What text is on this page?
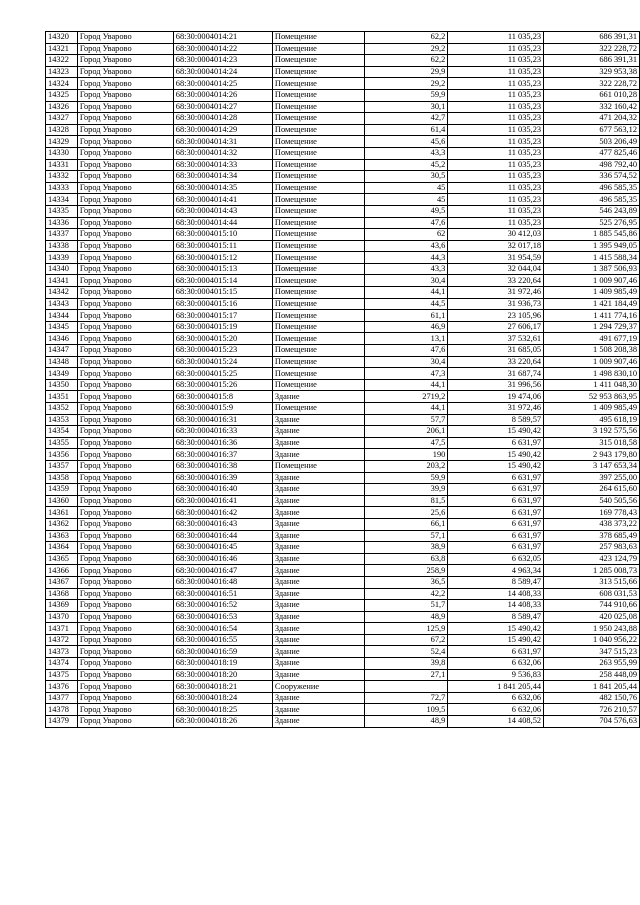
14320	Город Уварово	68:30:0004014:21	Помещение	62,2	11 035,23	686 391,31
14321	Город Уварово	68:30:0004014:22	Помещение	29,2	11 035,23	322 228,72
14322	Город Уварово	68:30:0004014:23	Помещение	62,2	11 035,23	686 391,31
14323	Город Уварово	68:30:0004014:24	Помещение	29,9	11 035,23	329 953,38
14324	Город Уварово	68:30:0004014:25	Помещение	29,2	11 035,23	322 228,72
14325	Город Уварово	68:30:0004014:26	Помещение	59,9	11 035,23	661 010,28
14326	Город Уварово	68:30:0004014:27	Помещение	30,1	11 035,23	332 160,42
14327	Город Уварово	68:30:0004014:28	Помещение	42,7	11 035,23	471 204,32
14328	Город Уварово	68:30:0004014:29	Помещение	61,4	11 035,23	677 563,12
14329	Город Уварово	68:30:0004014:31	Помещение	45,6	11 035,23	503 206,49
14330	Город Уварово	68:30:0004014:32	Помещение	43,3	11 035,23	477 825,46
14331	Город Уварово	68:30:0004014:33	Помещение	45,2	11 035,23	498 792,40
14332	Город Уварово	68:30:0004014:34	Помещение	30,5	11 035,23	336 574,52
14333	Город Уварово	68:30:0004014:35	Помещение	45	11 035,23	496 585,35
14334	Город Уварово	68:30:0004014:41	Помещение	45	11 035,23	496 585,35
14335	Город Уварово	68:30:0004014:43	Помещение	49,5	11 035,23	546 243,89
14336	Город Уварово	68:30:0004014:44	Помещение	47,6	11 035,23	525 276,95
14337	Город Уварово	68:30:0004015:10	Помещение	62	30 412,03	1 885 545,86
14338	Город Уварово	68:30:0004015:11	Помещение	43,6	32 017,18	1 395 949,05
14339	Город Уварово	68:30:0004015:12	Помещение	44,3	31 954,59	1 415 588,34
14340	Город Уварово	68:30:0004015:13	Помещение	43,3	32 044,04	1 387 506,93
14341	Город Уварово	68:30:0004015:14	Помещение	30,4	33 220,64	1 009 907,46
14342	Город Уварово	68:30:0004015:15	Помещение	44,1	31 972,46	1 409 985,49
14343	Город Уварово	68:30:0004015:16	Помещение	44,5	31 936,73	1 421 184,49
14344	Город Уварово	68:30:0004015:17	Помещение	61,1	23 105,96	1 411 774,16
14345	Город Уварово	68:30:0004015:19	Помещение	46,9	27 606,17	1 294 729,37
14346	Город Уварово	68:30:0004015:20	Помещение	13,1	37 532,61	491 677,19
14347	Город Уварово	68:30:0004015:23	Помещение	47,6	31 685,05	1 508 208,38
14348	Город Уварово	68:30:0004015:24	Помещение	30,4	33 220,64	1 009 907,46
14349	Город Уварово	68:30:0004015:25	Помещение	47,3	31 687,74	1 498 830,10
14350	Город Уварово	68:30:0004015:26	Помещение	44,1	31 996,56	1 411 048,30
14351	Город Уварово	68:30:0004015:8	Здание	2719,2	19 474,06	52 953 863,95
14352	Город Уварово	68:30:0004015:9	Помещение	44,1	31 972,46	1 409 985,49
14353	Город Уварово	68:30:0004016:31	Здание	57,7	8 589,57	495 618,19
14354	Город Уварово	68:30:0004016:33	Здание	206,1	15 490,42	3 192 575,56
14355	Город Уварово	68:30:0004016:36	Здание	47,5	6 631,97	315 018,58
14356	Город Уварово	68:30:0004016:37	Здание	190	15 490,42	2 943 179,80
14357	Город Уварово	68:30:0004016:38	Помещение	203,2	15 490,42	3 147 653,34
14358	Город Уварово	68:30:0004016:39	Здание	59,9	6 631,97	397 255,00
14359	Город Уварово	68:30:0004016:40	Здание	39,9	6 631,97	264 615,60
14360	Город Уварово	68:30:0004016:41	Здание	81,5	6 631,97	540 505,56
14361	Город Уварово	68:30:0004016:42	Здание	25,6	6 631,97	169 778,43
14362	Город Уварово	68:30:0004016:43	Здание	66,1	6 631,97	438 373,22
14363	Город Уварово	68:30:0004016:44	Здание	57,1	6 631,97	378 685,49
14364	Город Уварово	68:30:0004016:45	Здание	38,9	6 631,97	257 983,63
14365	Город Уварово	68:30:0004016:46	Здание	63,8	6 632,05	423 124,79
14366	Город Уварово	68:30:0004016:47	Здание	258,9	4 963,34	1 285 008,73
14367	Город Уварово	68:30:0004016:48	Здание	36,5	8 589,47	313 515,66
14368	Город Уварово	68:30:0004016:51	Здание	42,2	14 408,33	608 031,53
14369	Город Уварово	68:30:0004016:52	Здание	51,7	14 408,33	744 910,66
14370	Город Уварово	68:30:0004016:53	Здание	48,9	8 589,47	420 025,08
14371	Город Уварово	68:30:0004016:54	Здание	125,9	15 490,42	1 950 243,88
14372	Город Уварово	68:30:0004016:55	Здание	67,2	15 490,42	1 040 956,22
14373	Город Уварово	68:30:0004016:59	Здание	52,4	6 631,97	347 515,23
14374	Город Уварово	68:30:0004018:19	Здание	39,8	6 632,06	263 955,99
14375	Город Уварово	68:30:0004018:20	Здание	27,1	9 536,83	258 448,09
14376	Город Уварово	68:30:0004018:21	Сооружение		1 841 205,44	1 841 205,44
14377	Город Уварово	68:30:0004018:24	Здание	72,7	6 632,06	482 150,76
14378	Город Уварово	68:30:0004018:25	Здание	109,5	6 632,06	726 210,57
14379	Город Уварово	68:30:0004018:26	Здание	48,9	14 408,52	704 576,63
